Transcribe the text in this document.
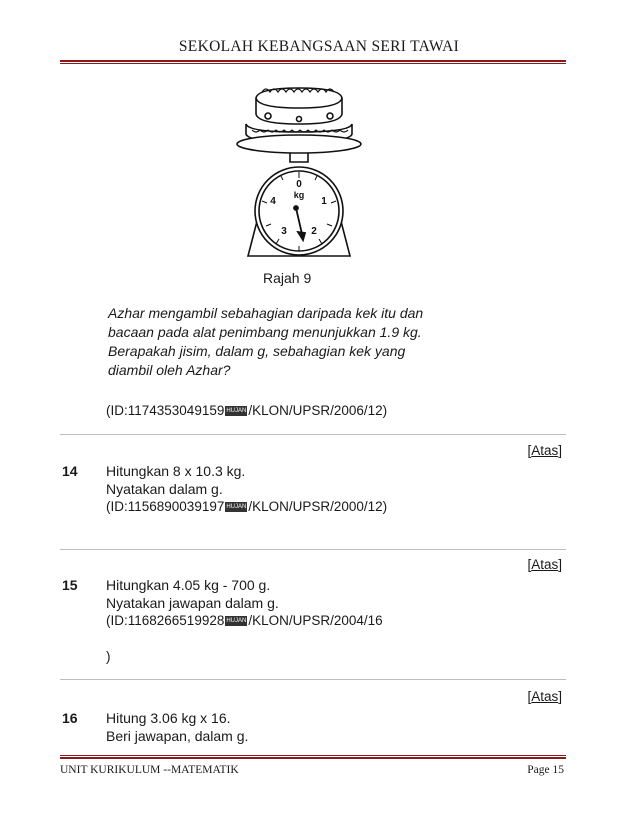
SEKOLAH KEBANGSAAN SERI TAWAI
0
kg
1
2
3
4
Rajah 9
Azhar mengambil sebahagian daripada kek itu dan
bacaan pada alat penimbang menunjukkan 1.9 kg.
Berapakah jisim, dalam g, sebahagian kek yang
diambil oleh Azhar?
(ID:1174353049159 HUJAN /KLON/UPSR/2006/12)
[Atas]
14 Hitungkan 8 x 10.3 kg.
Nyatakan dalam g.
(ID:1156890039197 HUJAN /KLON/UPSR/2000/12)
[Atas]
15 Hitungkan 4.05 kg - 700 g.
Nyatakan jawapan dalam g.
(ID:1168266519928 HUJAN /KLON/UPSR/2004/16
)
[Atas]
16 Hitung 3.06 kg x 16.
Beri jawapan, dalam g.
UNIT KURIKULUM --MATEMATIK	Page 15
